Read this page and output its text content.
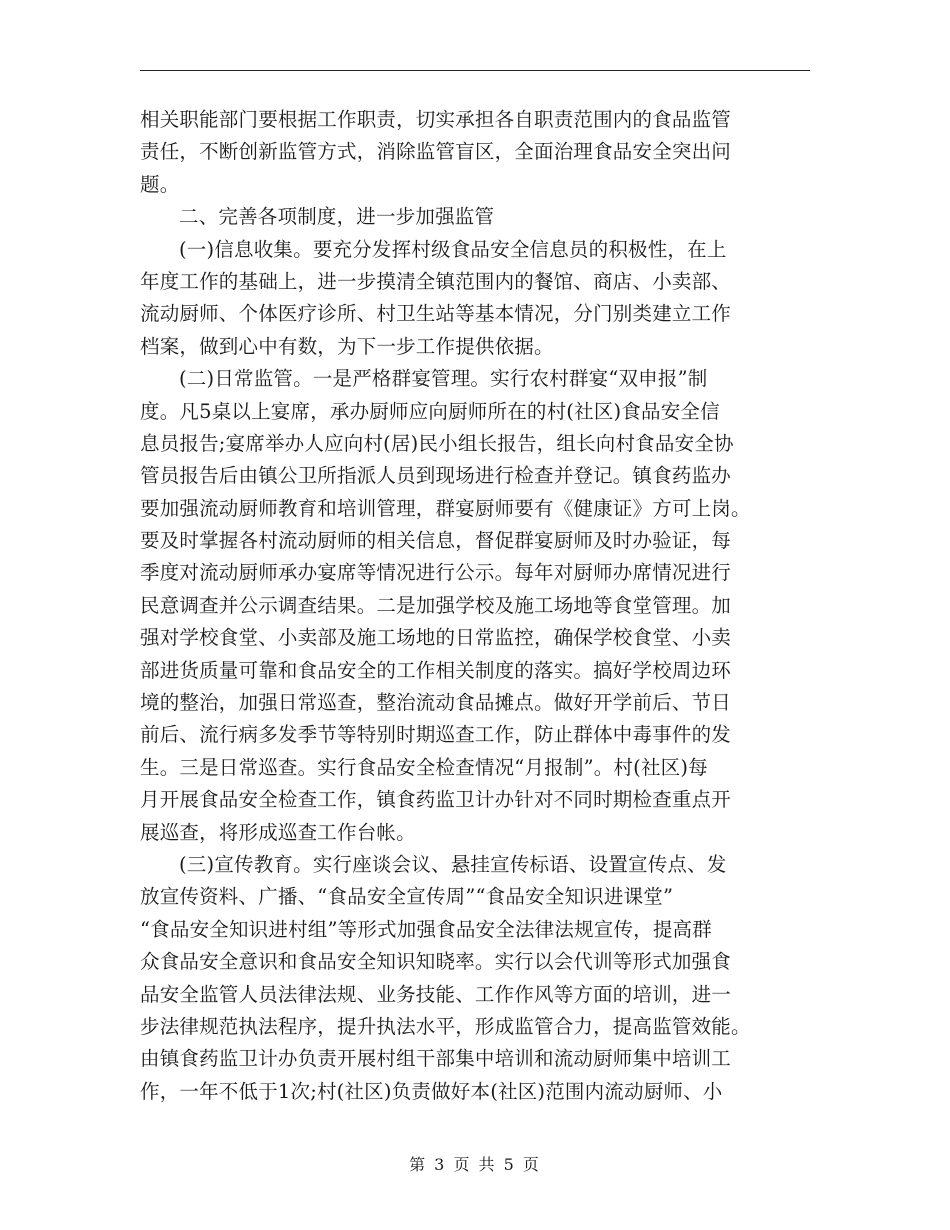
相关职能部门要根据工作职责，切实承担各自职责范围内的食品监管
责任，不断创新监管方式，消除监管盲区，全面治理食品安全突出问
题。
二、完善各项制度，进一步加强监管
(一)信息收集。要充分发挥村级食品安全信息员的积极性，在上
年度工作的基础上，进一步摸清全镇范围内的餐馆、商店、小卖部、
流动厨师、个体医疗诊所、村卫生站等基本情况，分门别类建立工作
档案，做到心中有数，为下一步工作提供依据。
(二)日常监管。一是严格群宴管理。实行农村群宴“双申报”制
度。凡5桌以上宴席，承办厨师应向厨师所在的村(社区)食品安全信
息员报告;宴席举办人应向村(居)民小组长报告，组长向村食品安全协
管员报告后由镇公卫所指派人员到现场进行检查并登记。镇食药监办
要加强流动厨师教育和培训管理，群宴厨师要有《健康证》方可上岗。
要及时掌握各村流动厨师的相关信息，督促群宴厨师及时办验证，每
季度对流动厨师承办宴席等情况进行公示。每年对厨师办席情况进行
民意调查并公示调查结果。二是加强学校及施工场地等食堂管理。加
强对学校食堂、小卖部及施工场地的日常监控，确保学校食堂、小卖
部进货质量可靠和食品安全的工作相关制度的落实。搞好学校周边环
境的整治，加强日常巡查，整治流动食品摊点。做好开学前后、节日
前后、流行病多发季节等特别时期巡查工作，防止群体中毒事件的发
生。三是日常巡查。实行食品安全检查情况“月报制”。村(社区)每
月开展食品安全检查工作，镇食药监卫计办针对不同时期检查重点开
展巡查，将形成巡查工作台帐。
(三)宣传教育。实行座谈会议、悬挂宣传标语、设置宣传点、发
放宣传资料、广播、“食品安全宣传周”“食品安全知识进课堂”
“食品安全知识进村组”等形式加强食品安全法律法规宣传，提高群
众食品安全意识和食品安全知识知晓率。实行以会代训等形式加强食
品安全监管人员法律法规、业务技能、工作作风等方面的培训，进一
步法律规范执法程序，提升执法水平，形成监管合力，提高监管效能。
由镇食药监卫计办负责开展村组干部集中培训和流动厨师集中培训工
作，一年不低于1次;村(社区)负责做好本(社区)范围内流动厨师、小
第 3 页 共 5 页
